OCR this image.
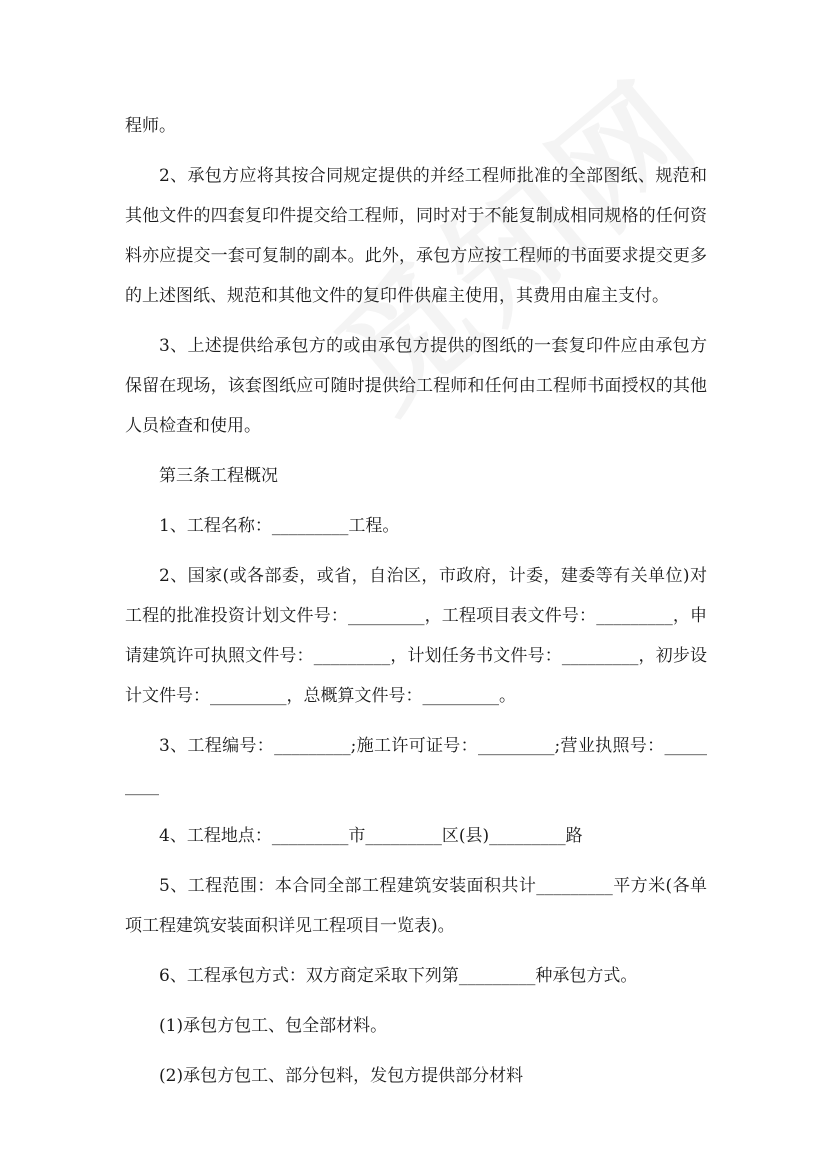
程师。

2、承包方应将其按合同规定提供的并经工程师批准的全部图纸、规范和其他文件的四套复印件提交给工程师，同时对于不能复制成相同规格的任何资料亦应提交一套可复制的副本。此外，承包方应按工程师的书面要求提交更多的上述图纸、规范和其他文件的复印件供雇主使用，其费用由雇主支付。

3、上述提供给承包方的或由承包方提供的图纸的一套复印件应由承包方保留在现场，该套图纸应可随时提供给工程师和任何由工程师书面授权的其他人员检查和使用。

第三条工程概况

1、工程名称：_________工程。

2、国家(或各部委，或省，自治区，市政府，计委，建委等有关单位)对工程的批准投资计划文件号：_________，工程项目表文件号：_________，申请建筑许可执照文件号：_________，计划任务书文件号：_________，初步设计文件号：_________，总概算文件号：_________。

3、工程编号：_________;施工许可证号：_________;营业执照号：_________

4、工程地点：_________市_________区(县)_________路

5、工程范围：本合同全部工程建筑安装面积共计_________平方米(各单项工程建筑安装面积详见工程项目一览表)。

6、工程承包方式：双方商定采取下列第_________种承包方式。

(1)承包方包工、包全部材料。

(2)承包方包工、部分包料，发包方提供部分材料
